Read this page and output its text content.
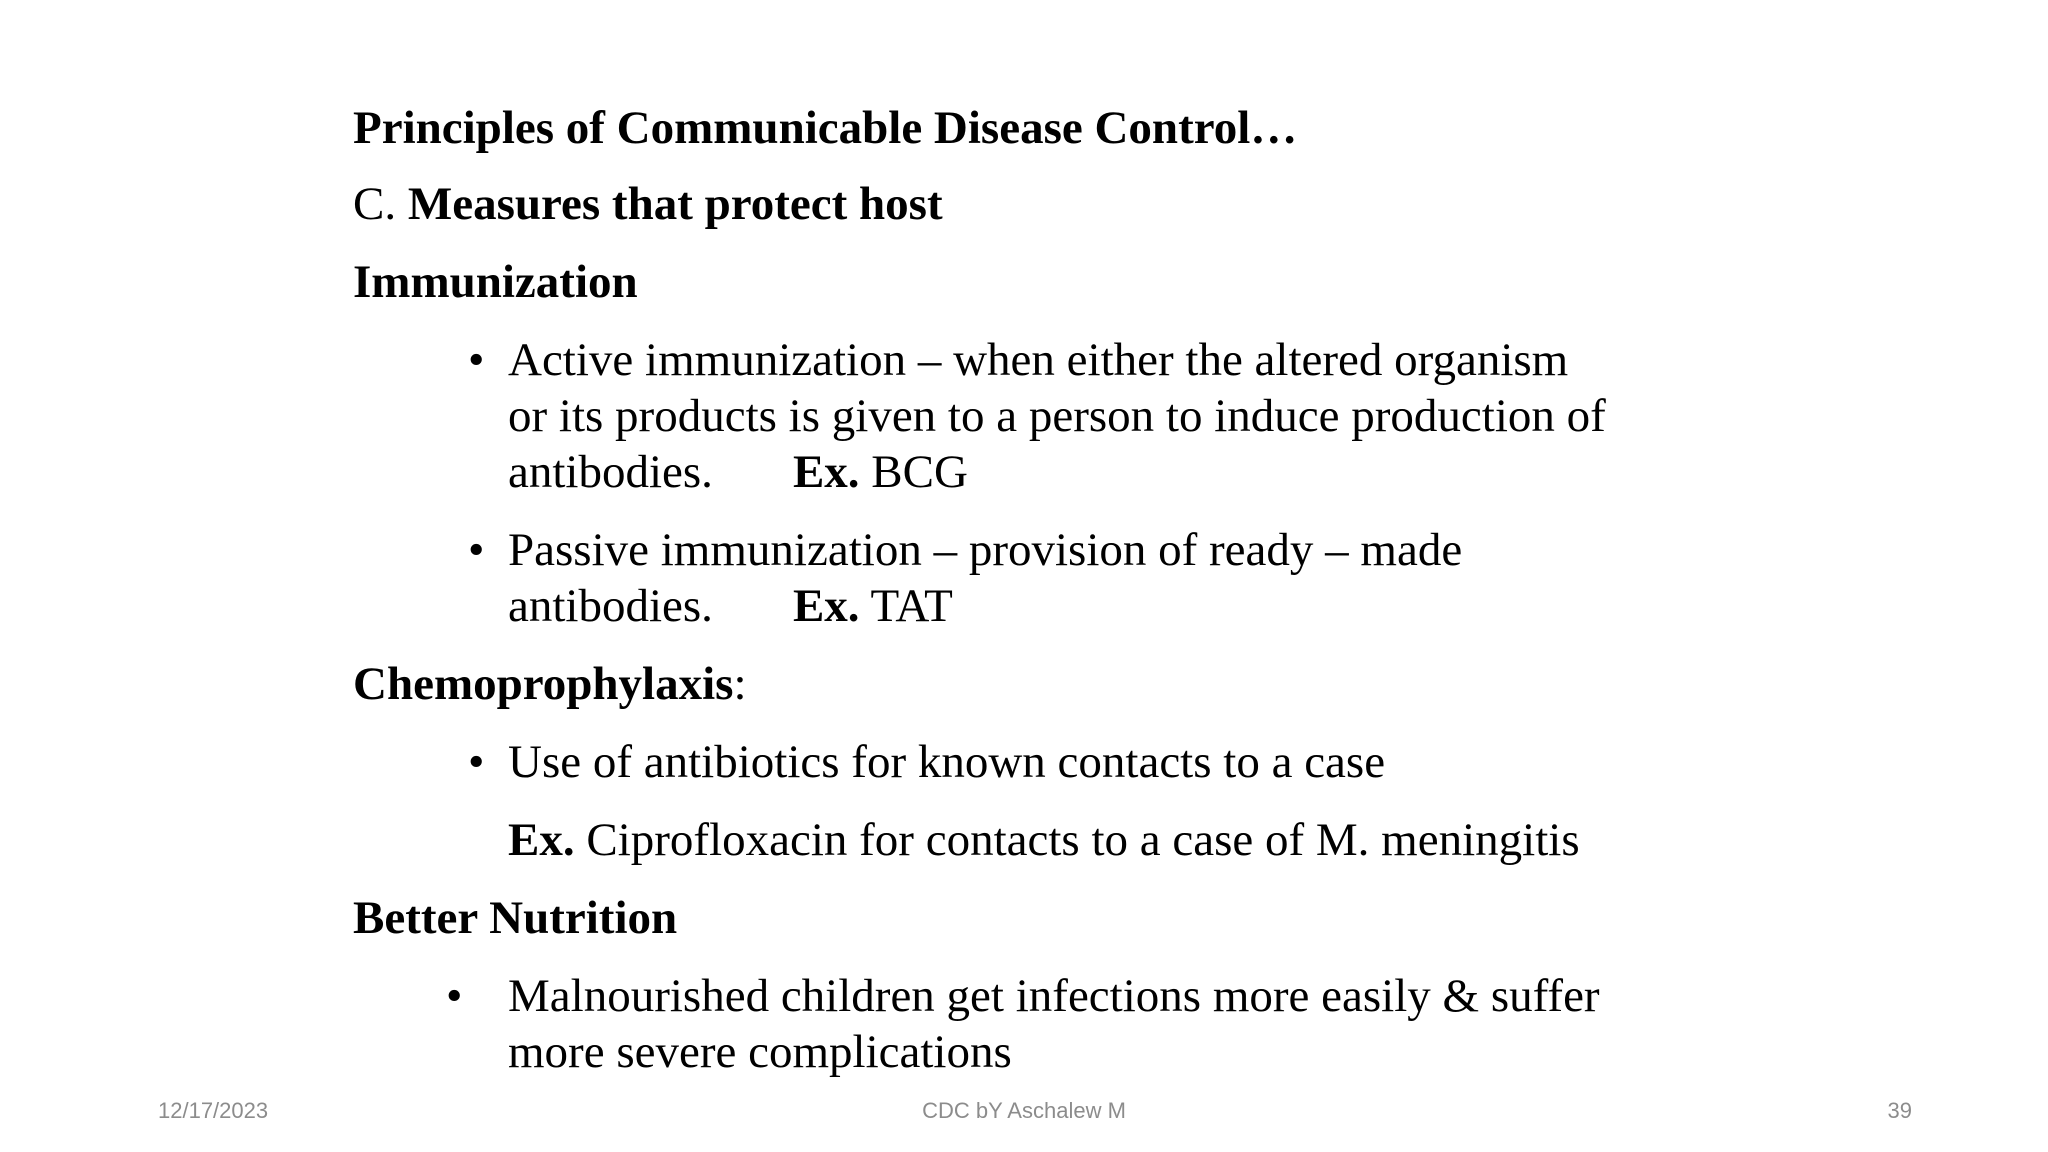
Principles of Communicable Disease Control…
C. Measures that protect host
Immunization
• Active immunization – when either the altered organism
or its products is given to a person to induce production of
antibodies. Ex. BCG
• Passive immunization – provision of ready – made
antibodies. Ex. TAT
Chemoprophylaxis:
• Use of antibiotics for known contacts to a case
Ex. Ciprofloxacin for contacts to a case of M. meningitis
Better Nutrition
• Malnourished children get infections more easily & suffer
more severe complications
12/17/2023	CDC bY Aschalew M	39
